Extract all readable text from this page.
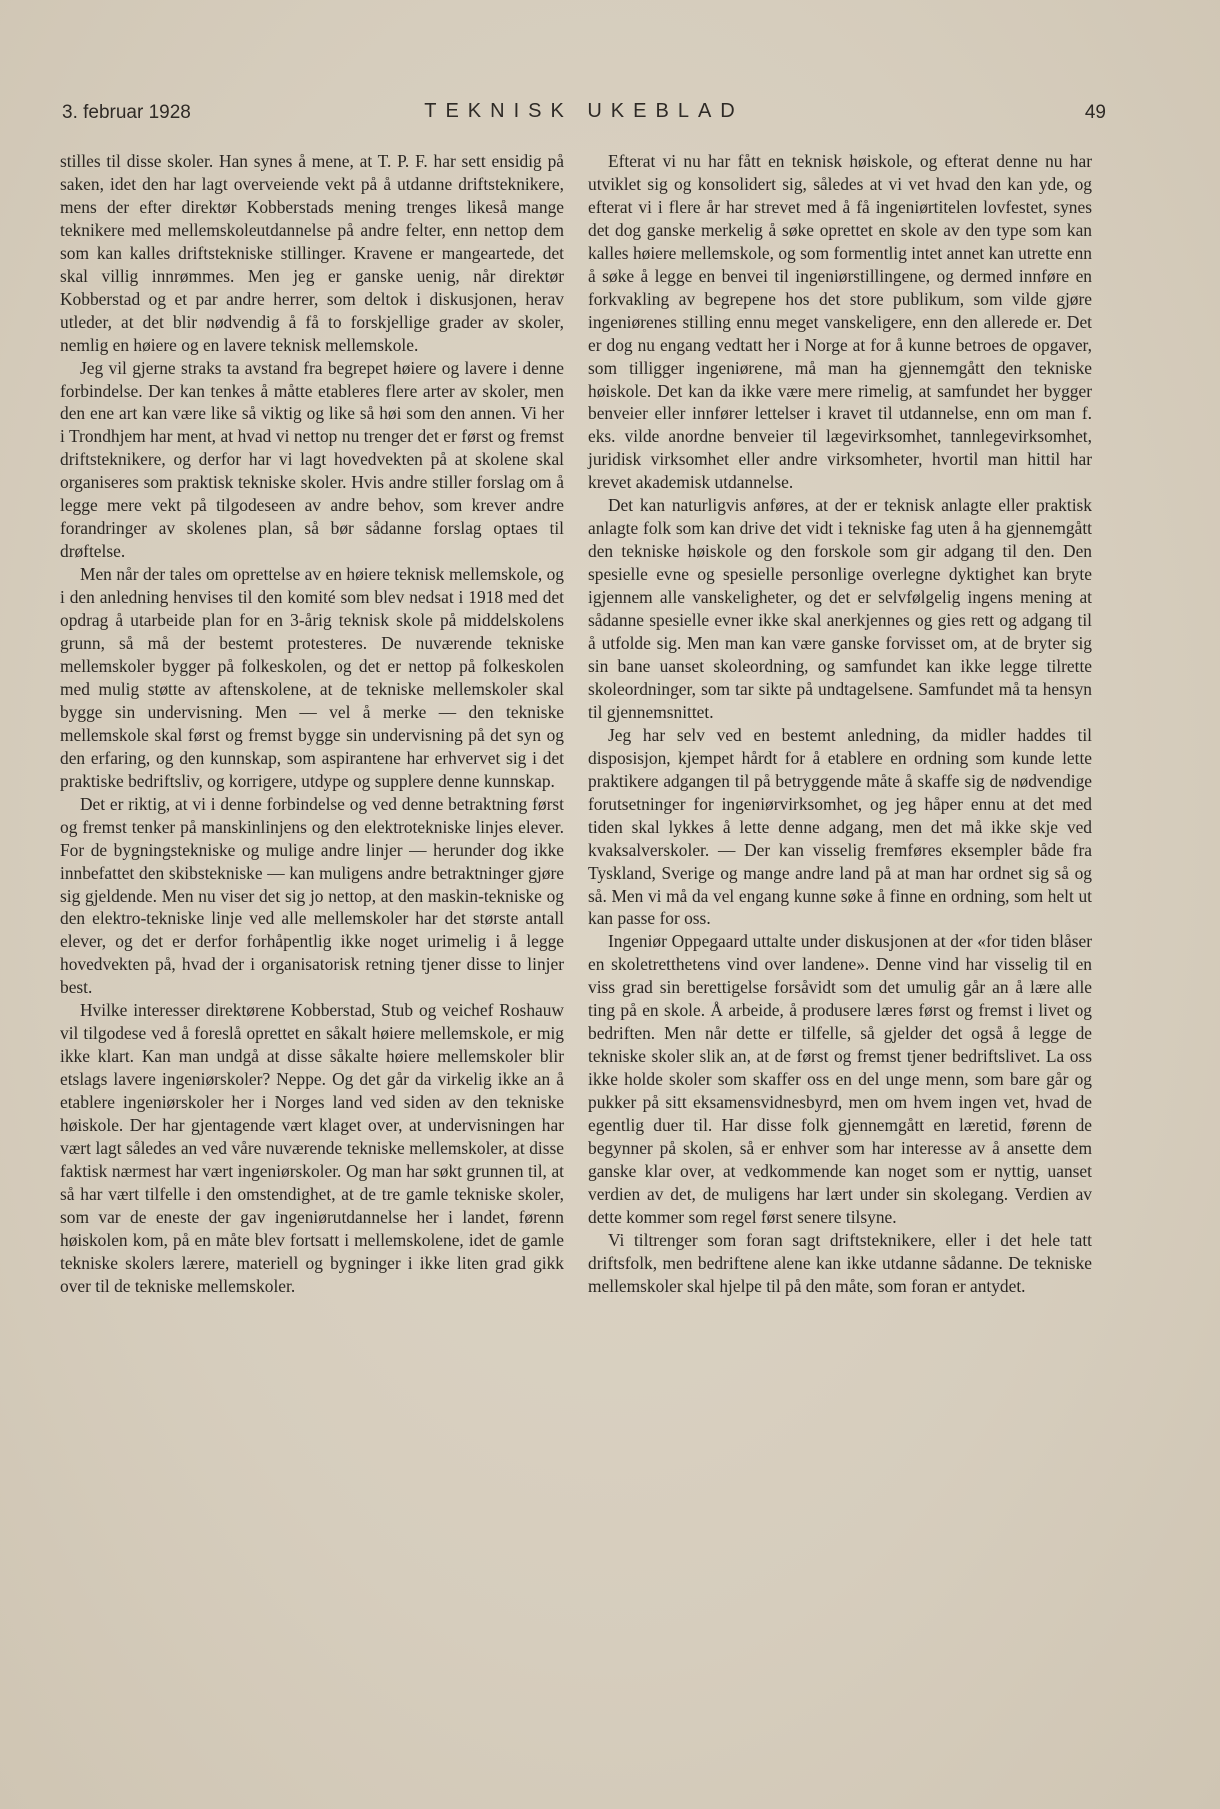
3. februar 1928	TEKNISK UKEBLAD	49

stilles til disse skoler. Han synes å mene, at T. P. F. har sett ensidig på saken, idet den har lagt overveiende vekt på å utdanne driftsteknikere, mens der efter direktør Kobberstads mening trenges likeså mange teknikere med mellemskoleutdannelse på andre felter, enn nettop dem som kan kalles driftstekniske stillinger. Kravene er mangeartede, det skal villig innrømmes. Men jeg er ganske uenig, når direktør Kobberstad og et par andre herrer, som deltok i diskusjonen, herav utleder, at det blir nødvendig å få to forskjellige grader av skoler, nemlig en høiere og en lavere teknisk mellemskole.

Jeg vil gjerne straks ta avstand fra begrepet høiere og lavere i denne forbindelse. Der kan tenkes å måtte etableres flere arter av skoler, men den ene art kan være like så viktig og like så høi som den annen. Vi her i Trondhjem har ment, at hvad vi nettop nu trenger det er først og fremst driftsteknikere, og derfor har vi lagt hovedvekten på at skolene skal organiseres som praktisk tekniske skoler. Hvis andre stiller forslag om å legge mere vekt på tilgodeseen av andre behov, som krever andre forandringer av skolenes plan, så bør sådanne forslag optaes til drøftelse.

Men når der tales om oprettelse av en høiere teknisk mellemskole, og i den anledning henvises til den komité som blev nedsat i 1918 med det opdrag å utarbeide plan for en 3-årig teknisk skole på middelskolens grunn, så må der bestemt protesteres. De nuværende tekniske mellemskoler bygger på folkeskolen, og det er nettop på folkeskolen med mulig støtte av aftenskolene, at de tekniske mellemskoler skal bygge sin undervisning. Men — vel å merke — den tekniske mellemskole skal først og fremst bygge sin undervisning på det syn og den erfaring, og den kunnskap, som aspirantene har erhvervet sig i det praktiske bedriftsliv, og korrigere, utdype og supplere denne kunnskap.

Det er riktig, at vi i denne forbindelse og ved denne betraktning først og fremst tenker på manskinlinjens og den elektrotekniske linjes elever. For de bygningstekniske og mulige andre linjer — herunder dog ikke innbefattet den skibstekniske — kan muligens andre betraktninger gjøre sig gjeldende. Men nu viser det sig jo nettop, at den maskin-tekniske og den elektro-tekniske linje ved alle mellemskoler har det største antall elever, og det er derfor forhåpentlig ikke noget urimelig i å legge hovedvekten på, hvad der i organisatorisk retning tjener disse to linjer best.

Hvilke interesser direktørene Kobberstad, Stub og veichef Roshauw vil tilgodese ved å foreslå oprettet en såkalt høiere mellemskole, er mig ikke klart. Kan man undgå at disse såkalte høiere mellemskoler blir etslags lavere ingeniørskoler? Neppe. Og det går da virkelig ikke an å etablere ingeniørskoler her i Norges land ved siden av den tekniske høiskole. Der har gjentagende vært klaget over, at undervisningen har vært lagt således an ved våre nuværende tekniske mellemskoler, at disse faktisk nærmest har vært ingeniørskoler. Og man har søkt grunnen til, at så har vært tilfelle i den omstendighet, at de tre gamle tekniske skoler, som var de eneste der gav ingeniørutdannelse her i landet, førenn høiskolen kom, på en måte blev fortsatt i mellemskolene, idet de gamle tekniske skolers lærere, materiell og bygninger i ikke liten grad gikk over til de tekniske mellemskoler.

Efterat vi nu har fått en teknisk høiskole, og efterat denne nu har utviklet sig og konsolidert sig, således at vi vet hvad den kan yde, og efterat vi i flere år har strevet med å få ingeniørtitelen lovfestet, synes det dog ganske merkelig å søke oprettet en skole av den type som kan kalles høiere mellemskole, og som formentlig intet annet kan utrette enn å søke å legge en benvei til ingeniørstillingene, og dermed innføre en forkvakling av begrepene hos det store publikum, som vilde gjøre ingeniørenes stilling ennu meget vanskeligere, enn den allerede er. Det er dog nu engang vedtatt her i Norge at for å kunne betroes de opgaver, som tilligger ingeniørene, må man ha gjennemgått den tekniske høiskole. Det kan da ikke være mere rimelig, at samfundet her bygger benveier eller innfører lettelser i kravet til utdannelse, enn om man f. eks. vilde anordne benveier til lægevirksomhet, tannlegevirksomhet, juridisk virksomhet eller andre virksomheter, hvortil man hittil har krevet akademisk utdannelse.

Det kan naturligvis anføres, at der er teknisk anlagte eller praktisk anlagte folk som kan drive det vidt i tekniske fag uten å ha gjennemgått den tekniske høiskole og den forskole som gir adgang til den. Den spesielle evne og spesielle personlige overlegne dyktighet kan bryte igjennem alle vanskeligheter, og det er selvfølgelig ingens mening at sådanne spesielle evner ikke skal anerkjennes og gies rett og adgang til å utfolde sig. Men man kan være ganske forvisset om, at de bryter sig sin bane uanset skoleordning, og samfundet kan ikke legge tilrette skoleordninger, som tar sikte på undtagelsene. Samfundet må ta hensyn til gjennemsnittet.

Jeg har selv ved en bestemt anledning, da midler haddes til disposisjon, kjempet hårdt for å etablere en ordning som kunde lette praktikere adgangen til på betryggende måte å skaffe sig de nødvendige forutsetninger for ingeniørvirksomhet, og jeg håper ennu at det med tiden skal lykkes å lette denne adgang, men det må ikke skje ved kvaksalverskoler. — Der kan visselig fremføres eksempler både fra Tyskland, Sverige og mange andre land på at man har ordnet sig så og så. Men vi må da vel engang kunne søke å finne en ordning, som helt ut kan passe for oss.

Ingeniør Oppegaard uttalte under diskusjonen at der «for tiden blåser en skoletretthetens vind over landene». Denne vind har visselig til en viss grad sin berettigelse forsåvidt som det umulig går an å lære alle ting på en skole. Å arbeide, å produsere læres først og fremst i livet og bedriften. Men når dette er tilfelle, så gjelder det også å legge de tekniske skoler slik an, at de først og fremst tjener bedriftslivet. La oss ikke holde skoler som skaffer oss en del unge menn, som bare går og pukker på sitt eksamensvidnesbyrd, men om hvem ingen vet, hvad de egentlig duer til. Har disse folk gjennemgått en læretid, førenn de begynner på skolen, så er enhver som har interesse av å ansette dem ganske klar over, at vedkommende kan noget som er nyttig, uanset verdien av det, de muligens har lært under sin skolegang. Verdien av dette kommer som regel først senere tilsyne.

Vi tiltrenger som foran sagt driftsteknikere, eller i det hele tatt driftsfolk, men bedriftene alene kan ikke utdanne sådanne. De tekniske mellemskoler skal hjelpe til på den måte, som foran er antydet.
